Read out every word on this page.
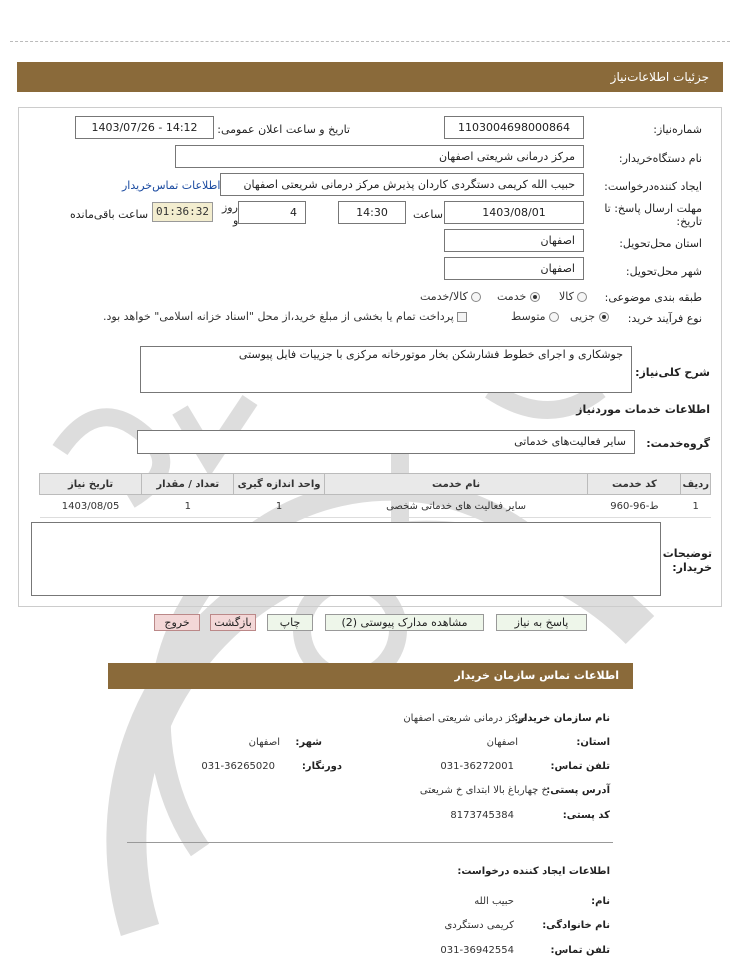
جزئیات اطلاعات‌نیاز
شماره‌نیاز:
1103004698000864
تاریخ و ساعت اعلان عمومی:
1403/07/26 - 14:12
نام دستگاه‌خریدار:
مرکز درمانی شریعتی اصفهان
ایجاد کننده‌درخواست:
حبیب الله کریمی دستگردی کاردان پذیرش مرکز درمانی شریعتی اصفهان
اطلاعات تماس‌خریدار
مهلت ارسال پاسخ: تا
تاریخ:
1403/08/01
ساعت
14:30
4
روز
و
01:36:32
ساعت باقی‌مانده
استان محل‌تحویل:
اصفهان
شهر محل‌تحویل:
اصفهان
طبقه بندی موضوعی:
کالا
خدمت
کالا/خدمت
نوع فرآیند خرید:
جزیی
متوسط
پرداخت تمام یا بخشی از مبلغ خرید،از محل "اسناد خزانه اسلامی" خواهد بود.
شرح کلی‌نیاز:
جوشکاری و اجرای خطوط فشارشکن بخار موتورخانه مرکزی با جزییات فایل پیوستی
اطلاعات خدمات موردنیاز
گروه‌خدمت:
سایر فعالیت‌های خدماتی
ردیف	کد خدمت	نام خدمت	واحد اندازه گیری	تعداد / مقدار	تاریخ نیاز
1	ط-96-960	سایر فعالیت های خدماتی شخصی	1	1	1403/08/05
توضیحات
خریدار:
پاسخ به نیاز
مشاهده مدارک پیوستی (2)
چاپ
بازگشت
خروج
اطلاعات تماس سازمان خریدار
نام سازمان خریدار:
مرکز درمانی شریعتی اصفهان
استان:
اصفهان
شهر:
اصفهان
تلفن تماس:
031-36272001
دورنگار:
031-36265020
آدرس پستی:
خ چهارباغ بالا ابتدای خ شریعتی
کد پستی:
8173745384
اطلاعات ایجاد کننده درخواست:
نام:
حبیب الله
نام خانوادگی:
کریمی دستگردی
تلفن تماس:
031-36942554
